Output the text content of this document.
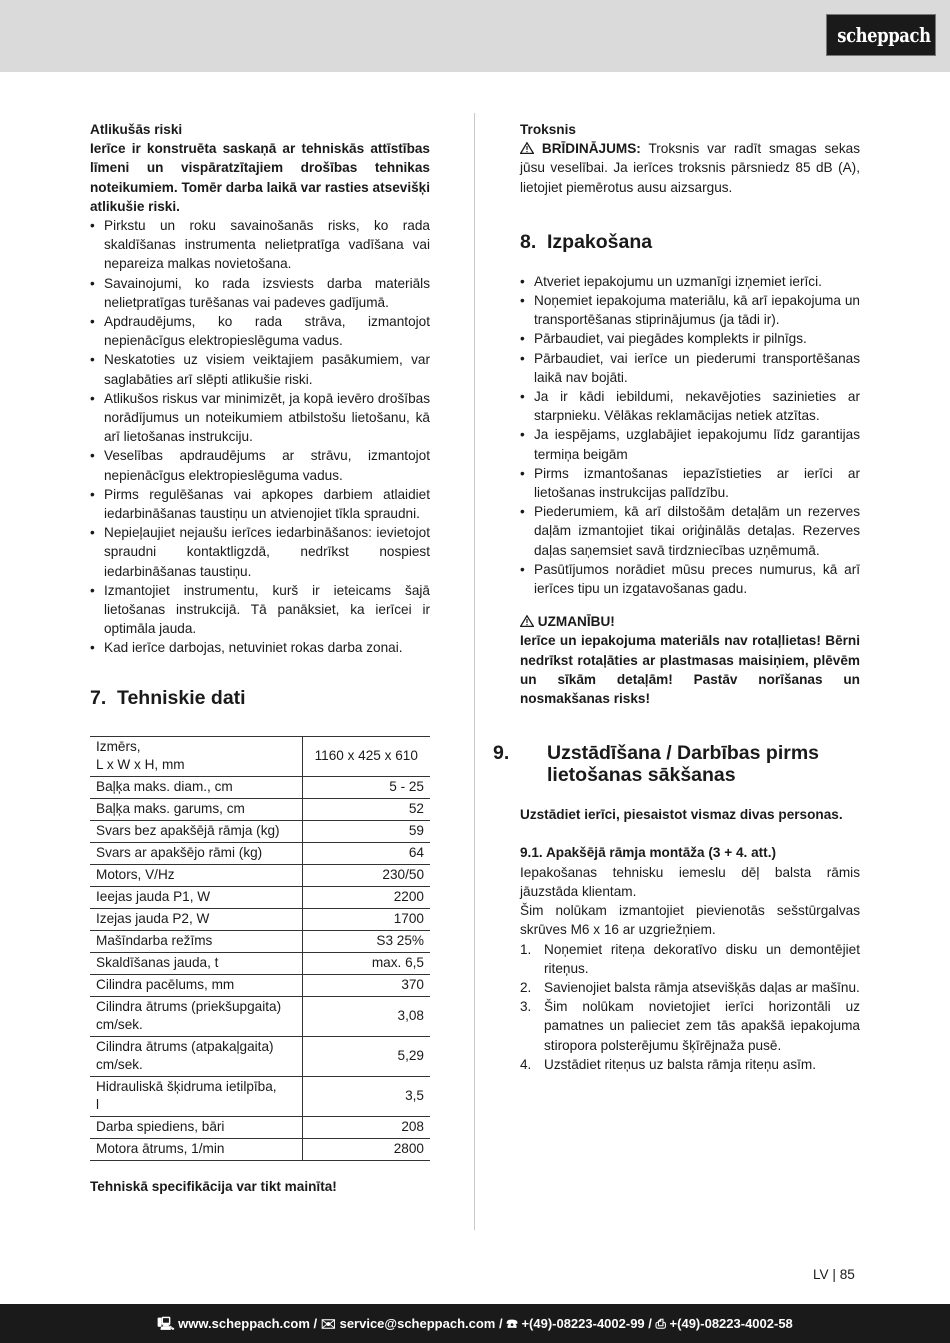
scheppach
Atlikušās riski
Ierīce ir konstruēta saskaņā ar tehniskās attīstības līmeni un vispāratzītajiem drošības tehnikas noteikumiem. Tomēr darba laikā var rasties atsevišķi atlikušie riski.
• Pirkstu un roku savainošanās risks, ko rada skaldīšanas instrumenta nelietpratīga vadīšana vai nepareiza malkas novietošana.
• Savainojumi, ko rada izsviests darba materiāls nelietpratīgas turēšanas vai padeves gadījumā.
• Apdraudējums, ko rada strāva, izmantojot nepienācīgus elektropieslēguma vadus.
• Neskatoties uz visiem veiktajiem pasākumiem, var saglabāties arī slēpti atlikušie riski.
• Atlikušos riskus var minimizēt, ja kopā ievēro drošības norādījumus un noteikumiem atbilstošu lietošanu, kā arī lietošanas instrukciju.
• Veselības apdraudējums ar strāvu, izmantojot nepienācīgus elektropieslēguma vadus.
• Pirms regulēšanas vai apkopes darbiem atlaidiet iedarbināšanas taustiņu un atvienojiet tīkla spraudni.
• Nepieļaujiet nejaušu ierīces iedarbināšanos: ievietojot spraudni kontaktligzdā, nedrīkst nospiest iedarbināšanas taustiņu.
• Izmantojiet instrumentu, kurš ir ieteicams šajā lietošanas instrukcijā. Tā panāksiet, ka ierīcei ir optimāla jauda.
• Kad ierīce darbojas, netuviniet rokas darba zonai.
7. Tehniskie dati
Izmērs,
L x W x H, mm	1160 x 425 x 610
Baļķa maks. diam., cm	5 - 25
Baļķa maks. garums, cm	52
Svars bez apakšējā rāmja (kg)	59
Svars ar apakšējo rāmi (kg)	64
Motors, V/Hz	230/50
Ieejas jauda P1, W	2200
Izejas jauda P2, W	1700
Mašīndarba režīms	S3 25%
Skaldīšanas jauda, t	max. 6,5
Cilindra pacēlums, mm	370
Cilindra ātrums (priekšupgaita)
cm/sek.	3,08
Cilindra ātrums (atpakaļgaita)
cm/sek.	5,29
Hidrauliskā šķidruma ietilpība,
l	3,5
Darba spiediens, bāri	208
Motora ātrums, 1/min	2800
Tehniskā specifikācija var tikt mainīta!
Troksnis
BRĪDINĀJUMS: Troksnis var radīt smagas sekas jūsu veselībai. Ja ierīces troksnis pārsniedz 85 dB (A), lietojiet piemērotus ausu aizsargus.
8. Izpakošana
• Atveriet iepakojumu un uzmanīgi izņemiet ierīci.
• Noņemiet iepakojuma materiālu, kā arī iepakojuma un transportēšanas stiprinājumus (ja tādi ir).
• Pārbaudiet, vai piegādes komplekts ir pilnīgs.
• Pārbaudiet, vai ierīce un piederumi transportēšanas laikā nav bojāti.
• Ja ir kādi iebildumi, nekavējoties sazinieties ar starpnieku. Vēlākas reklamācijas netiek atzītas.
• Ja iespējams, uzglabājiet iepakojumu līdz garantijas termiņa beigām
• Pirms izmantošanas iepazīstieties ar ierīci ar lietošanas instrukcijas palīdzību.
• Piederumiem, kā arī dilstošām detaļām un rezerves daļām izmantojiet tikai oriģinālās detaļas. Rezerves daļas saņemsiet savā tirdzniecības uzņēmumā.
• Pasūtījumos norādiet mūsu preces numurus, kā arī ierīces tipu un izgatavošanas gadu.
UZMANĪBU!
Ierīce un iepakojuma materiāls nav rotaļlietas! Bērni nedrīkst rotaļāties ar plastmasas maisiņiem, plēvēm un sīkām detaļām! Pastāv norīšanas un nosmakšanas risks!
9. Uzstādīšana / Darbības pirms lietošanas sākšanas
Uzstādiet ierīci, piesaistot vismaz divas personas.
9.1. Apakšējā rāmja montāža (3 + 4. att.)
Iepakošanas tehnisku iemeslu dēļ balsta rāmis jāuzstāda klientam.
Šim nolūkam izmantojiet pievienotās sešstūrgalvas skrūves M6 x 16 ar uzgriežņiem.
1. Noņemiet riteņa dekoratīvo disku un demontējiet riteņus.
2. Savienojiet balsta rāmja atsevišķās daļas ar mašīnu.
3. Šim nolūkam novietojiet ierīci horizontāli uz pamatnes un palieciet zem tās apakšā iepakojuma stiropora polsterējumu šķīrējnaža pusē.
4. Uzstādiet riteņus uz balsta rāmja riteņu asīm.
LV | 85
🖳 www.scheppach.com / ✉ service@scheppach.com / ☎ +(49)-08223-4002-99 / ⎙ +(49)-08223-4002-58
